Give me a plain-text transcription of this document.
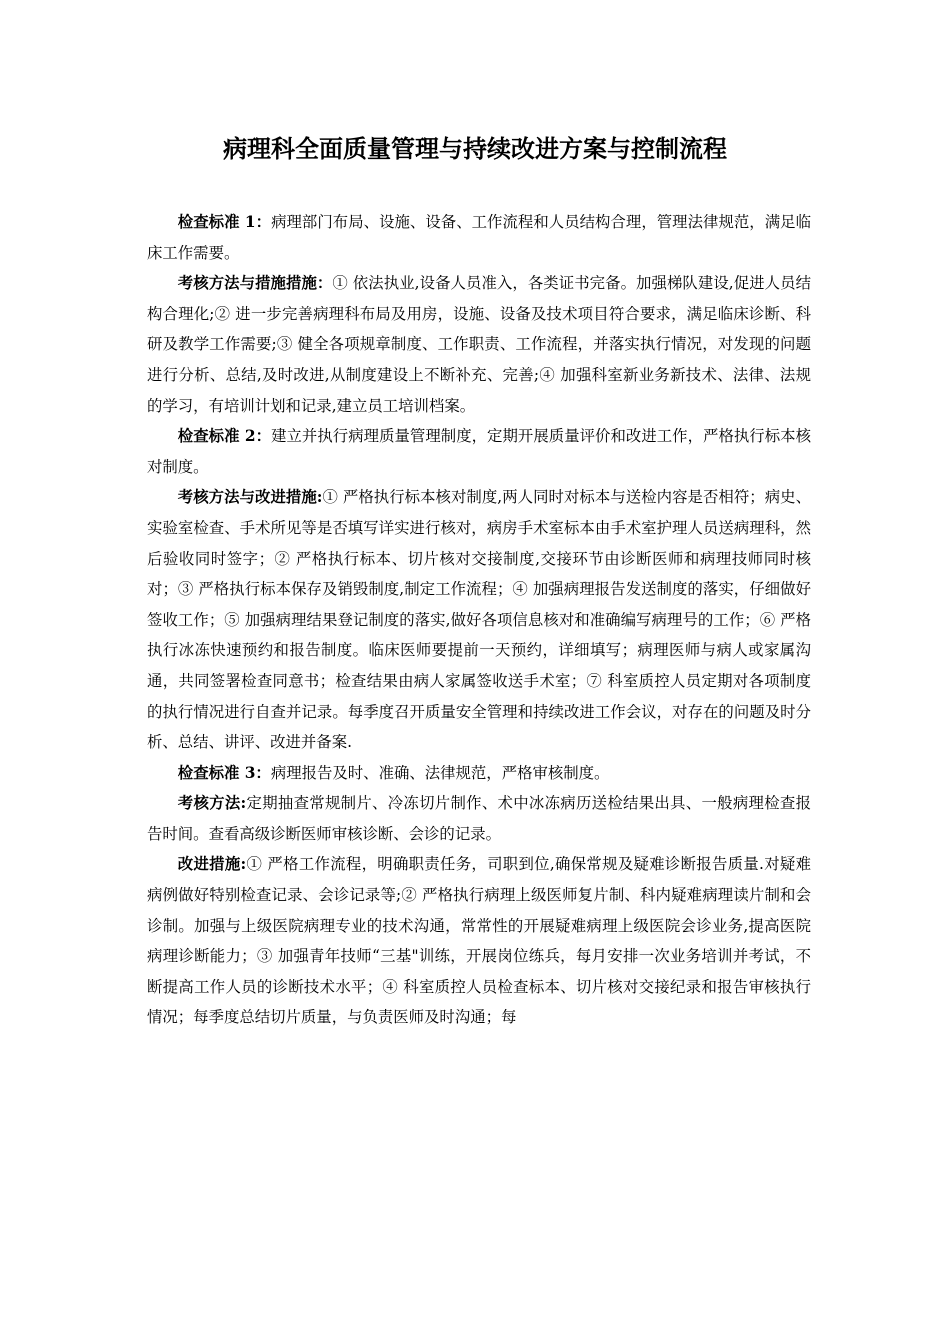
病理科全面质量管理与持续改进方案与控制流程

检查标准 1：病理部门布局、设施、设备、工作流程和人员结构合理，管理法律规范，满足临床工作需要。

考核方法与措施措施：① 依法执业,设备人员准入，各类证书完备。加强梯队建设,促进人员结构合理化;② 进一步完善病理科布局及用房，设施、设备及技术项目符合要求，满足临床诊断、科研及教学工作需要;③ 健全各项规章制度、工作职责、工作流程，并落实执行情况，对发现的问题进行分析、总结,及时改进,从制度建设上不断补充、完善;④ 加强科室新业务新技术、法律、法规的学习，有培训计划和记录,建立员工培训档案。

检查标准 2：建立并执行病理质量管理制度，定期开展质量评价和改进工作，严格执行标本核对制度。

考核方法与改进措施:① 严格执行标本核对制度,两人同时对标本与送检内容是否相符；病史、实验室检查、手术所见等是否填写详实进行核对，病房手术室标本由手术室护理人员送病理科，然后验收同时签字；② 严格执行标本、切片核对交接制度,交接环节由诊断医师和病理技师同时核对；③ 严格执行标本保存及销毁制度,制定工作流程；④ 加强病理报告发送制度的落实，仔细做好签收工作；⑤ 加强病理结果登记制度的落实,做好各项信息核对和准确编写病理号的工作；⑥ 严格执行冰冻快速预约和报告制度。临床医师要提前一天预约，详细填写；病理医师与病人或家属沟通，共同签署检查同意书；检查结果由病人家属签收送手术室；⑦ 科室质控人员定期对各项制度的执行情况进行自查并记录。每季度召开质量安全管理和持续改进工作会议，对存在的问题及时分析、总结、讲评、改进并备案.

检查标准 3：病理报告及时、准确、法律规范，严格审核制度。

考核方法:定期抽查常规制片、冷冻切片制作、术中冰冻病历送检结果出具、一般病理检查报告时间。查看高级诊断医师审核诊断、会诊的记录。

改进措施:① 严格工作流程，明确职责任务，司职到位,确保常规及疑难诊断报告质量.对疑难病例做好特别检查记录、会诊记录等;② 严格执行病理上级医师复片制、科内疑难病理读片制和会诊制。加强与上级医院病理专业的技术沟通，常常性的开展疑难病理上级医院会诊业务,提高医院病理诊断能力；③ 加强青年技师“三基"训练，开展岗位练兵，每月安排一次业务培训并考试，不断提高工作人员的诊断技术水平；④ 科室质控人员检查标本、切片核对交接纪录和报告审核执行情况；每季度总结切片质量，与负责医师及时沟通；每
